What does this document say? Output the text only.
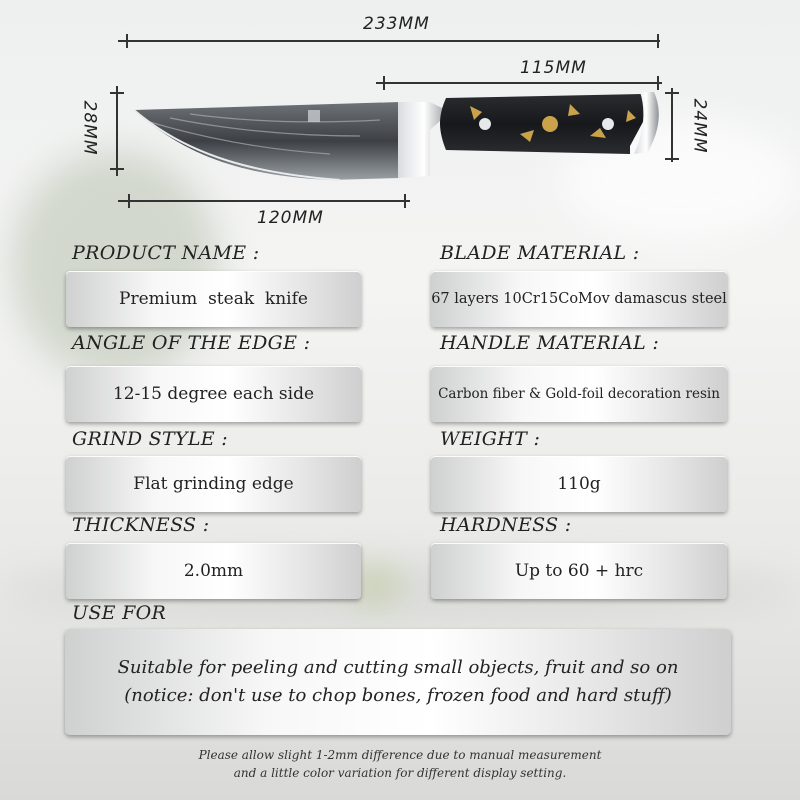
233MM
115MM
28MM	24MM
120MM
PRODUCT NAME :
Premium  steak  knife
BLADE MATERIAL :
67 layers 10Cr15CoMov damascus steel
ANGLE OF THE EDGE :
12-15 degree each side
HANDLE MATERIAL :
Carbon fiber & Gold-foil decoration resin
GRIND STYLE :
Flat grinding edge
WEIGHT :
110g
THICKNESS :
2.0mm
HARDNESS :
Up to 60 + hrc
USE FOR
Suitable for peeling and cutting small objects, fruit and so on
(notice: don't use to chop bones, frozen food and hard stuff)
Please allow slight 1-2mm difference due to manual measurement
and a little color variation for different display setting.
